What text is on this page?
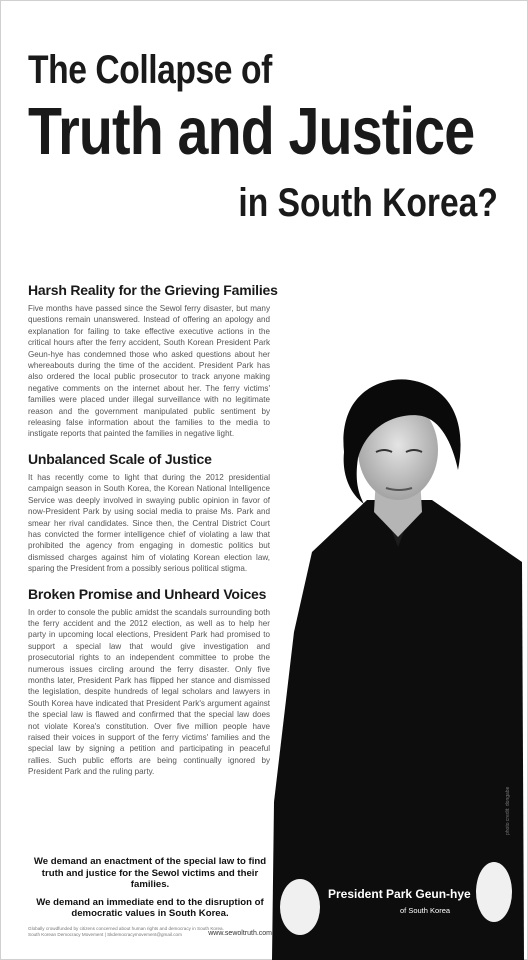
The Collapse of
Truth and Justice
in South Korea?
Harsh Reality for the Grieving Families

Five months have passed since the Sewol ferry disaster, but many questions remain unanswered. Instead of offering an apology and explanation for failing to take effective executive actions in the critical hours after the ferry accident, South Korean President Park Geun-hye has condemned those who asked questions about her whereabouts during the time of the accident. President Park has also ordered the local public prosecutor to track anyone making negative comments on the internet about her. The ferry victims' families were placed under illegal surveillance with no legitimate reason and the government manipulated public sentiment by releasing false information about the families to the media to instigate reports that painted the families in negative light.

Unbalanced Scale of Justice

It has recently come to light that during the 2012 presidential campaign season in South Korea, the Korean National Intelligence Service was deeply involved in swaying public opinion in favor of now-President Park by using social media to praise Ms. Park and smear her rival candidates. Since then, the Central District Court has convicted the former intelligence chief of violating a law that prohibited the agency from engaging in domestic politics but dismissed charges against him of violating Korean election law, sparing the President from a possibly serious political stigma.

Broken Promise and Unheard Voices

In order to console the public amidst the scandals surrounding both the ferry accident and the 2012 election, as well as to help her party in upcoming local elections, President Park had promised to support a special law that would give investigation and prosecutorial rights to an independent committee to probe the numerous issues circling around the ferry disaster. Only five months later, President Park has flipped her stance and dismissed the legislation, despite hundreds of legal scholars and lawyers in South Korea have indicated that President Park's argument against the special law is flawed and confirmed that the special law does not violate Korea's constitution. Over five million people have raised their voices in support of the ferry victims' families and the special law by signing a petition and participating in peaceful rallies. Such public efforts are being continually ignored by President Park and the ruling party.

We demand an enactment of the special law to find truth and justice for the Sewol victims and their families.
We demand an immediate end to the disruption of democratic values in South Korea.
Globally crowdfunded by citizens concerned about human rights and democracy in South Korea.
South Korean Democracy Movement | Skdemocracymovement@gmail.com	www.sewoltruth.com
President Park Geun-hye
of South Korea
photo credit: dongabe
